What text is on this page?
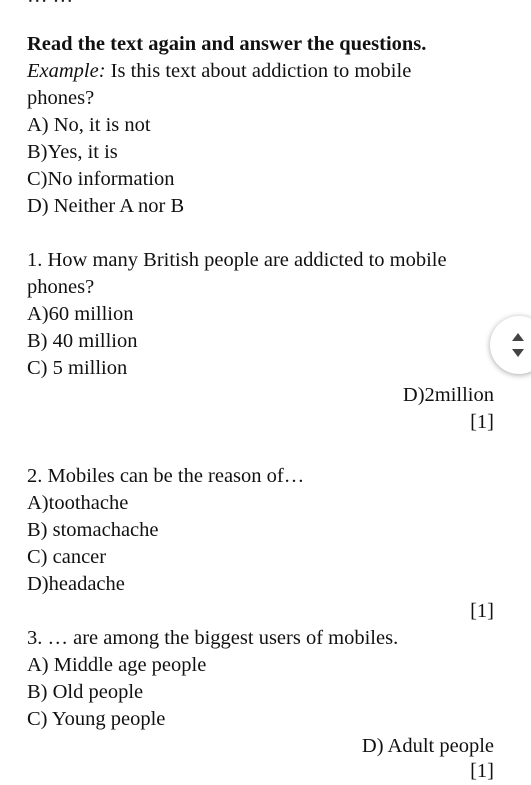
Read the text again and answer the questions.
Example: Is this text about addiction to mobile
phones?
A) No, it is not
B)Yes, it is
C)No information
D) Neither A nor B
1. How many British people are addicted to mobile
phones?
A)60 million
B) 40 million
C) 5 million
D)2million
[1]
2. Mobiles can be the reason of…
A)toothache
B) stomachache
C) cancer
D)headache
[1]
3. … are among the biggest users of mobiles.
A) Middle age people
B) Old people
C) Young people
D) Adult people
[1]
